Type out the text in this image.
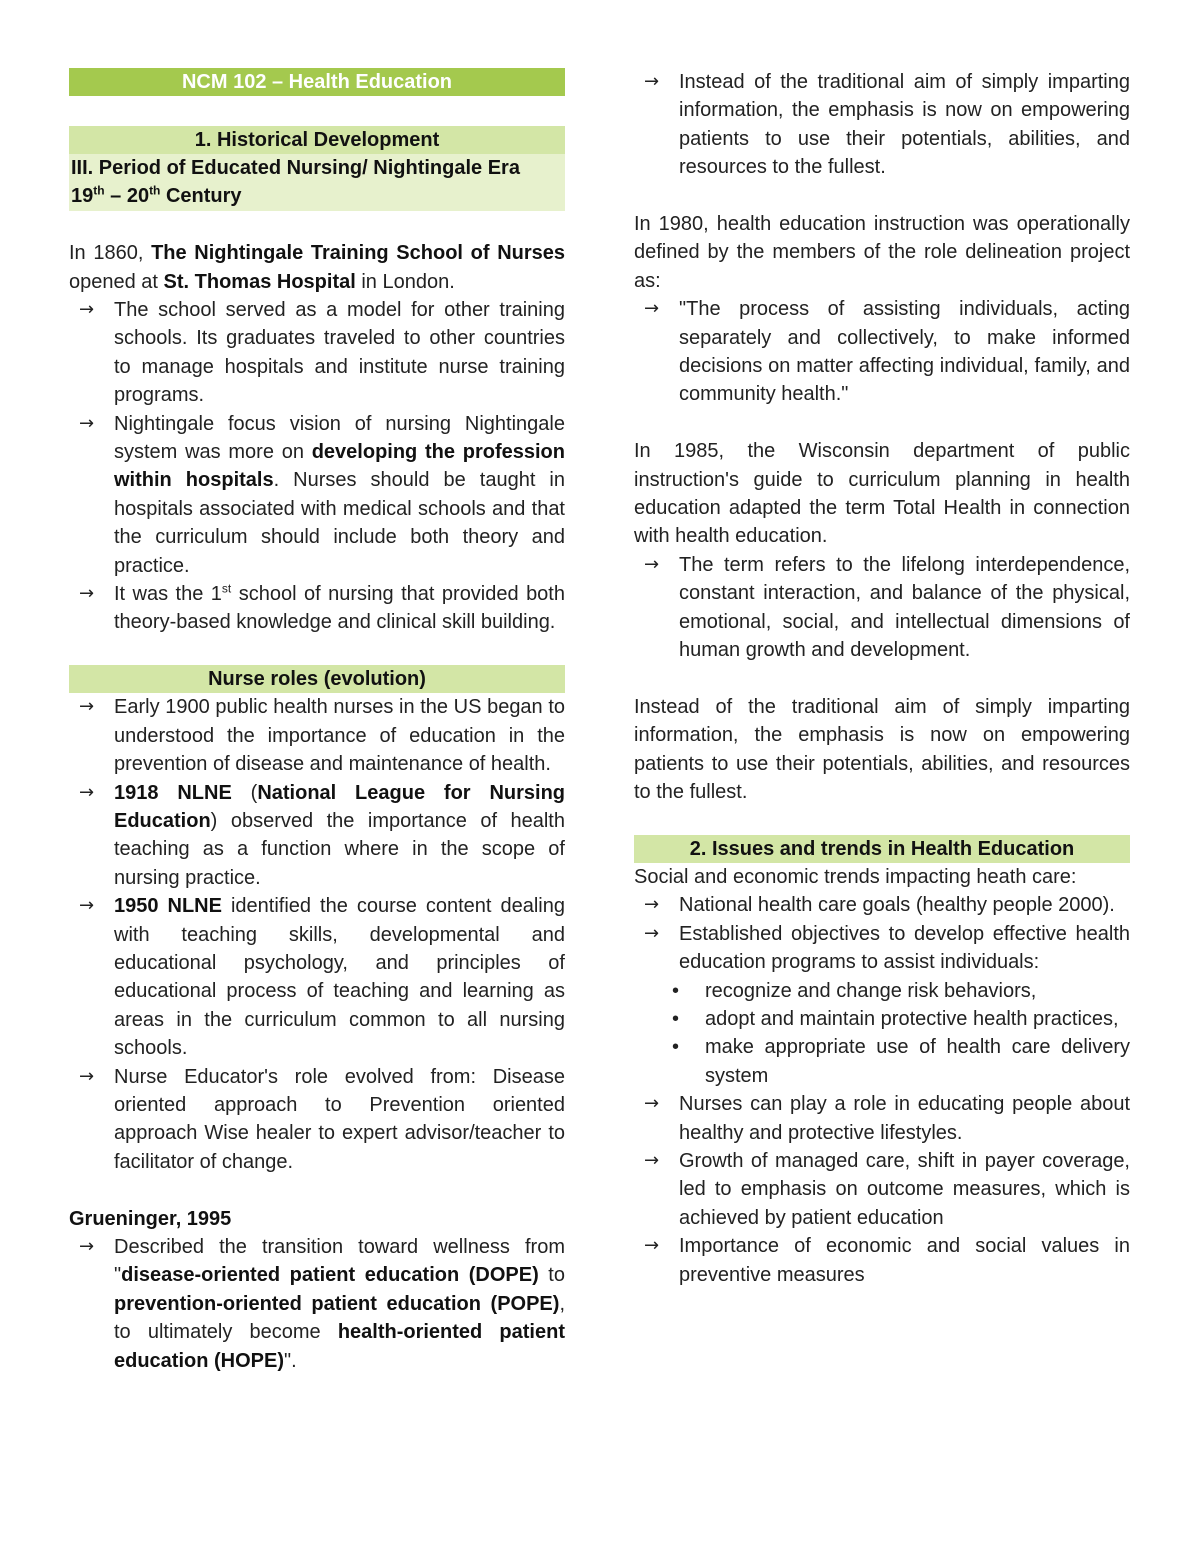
NCM 102 – Health Education
1. Historical Development
III. Period of Educated Nursing/ Nightingale Era
19th – 20th Century

In 1860, The Nightingale Training School of Nurses opened at St. Thomas Hospital in London.

→ The school served as a model for other training schools. Its graduates traveled to other countries to manage hospitals and institute nurse training programs.
→ Nightingale focus vision of nursing Nightingale system was more on developing the profession within hospitals. Nurses should be taught in hospitals associated with medical schools and that the curriculum should include both theory and practice.
→ It was the 1st school of nursing that provided both theory-based knowledge and clinical skill building.
Nurse roles (evolution)
→ Early 1900 public health nurses in the US began to understood the importance of education in the prevention of disease and maintenance of health.
→ 1918 NLNE (National League for Nursing Education) observed the importance of health teaching as a function where in the scope of nursing practice.
→ 1950 NLNE identified the course content dealing with teaching skills, developmental and educational psychology, and principles of educational process of teaching and learning as areas in the curriculum common to all nursing schools.
→ Nurse Educator's role evolved from: Disease oriented approach to Prevention oriented approach Wise healer to expert advisor/teacher to facilitator of change.

Grueninger, 1995

→ Described the transition toward wellness from "disease-oriented patient education (DOPE) to prevention-oriented patient education (POPE), to ultimately become health-oriented patient education (HOPE)".
→ Instead of the traditional aim of simply imparting information, the emphasis is now on empowering patients to use their potentials, abilities, and resources to the fullest.

In 1980, health education instruction was operationally defined by the members of the role delineation project as:

→ "The process of assisting individuals, acting separately and collectively, to make informed decisions on matter affecting individual, family, and community health."

In 1985, the Wisconsin department of public instruction's guide to curriculum planning in health education adapted the term Total Health in connection with health education.

→ The term refers to the lifelong interdependence, constant interaction, and balance of the physical, emotional, social, and intellectual dimensions of human growth and development.

Instead of the traditional aim of simply imparting information, the emphasis is now on empowering patients to use their potentials, abilities, and resources to the fullest.

2. Issues and trends in Health Education

Social and economic trends impacting heath care:

→ National health care goals (healthy people 2000).
→ Established objectives to develop effective health education programs to assist individuals:
• recognize and change risk behaviors,
• adopt and maintain protective health practices,
• make appropriate use of health care delivery system
→ Nurses can play a role in educating people about healthy and protective lifestyles.
→ Growth of managed care, shift in payer coverage, led to emphasis on outcome measures, which is achieved by patient education
→ Importance of economic and social values in preventive measures
